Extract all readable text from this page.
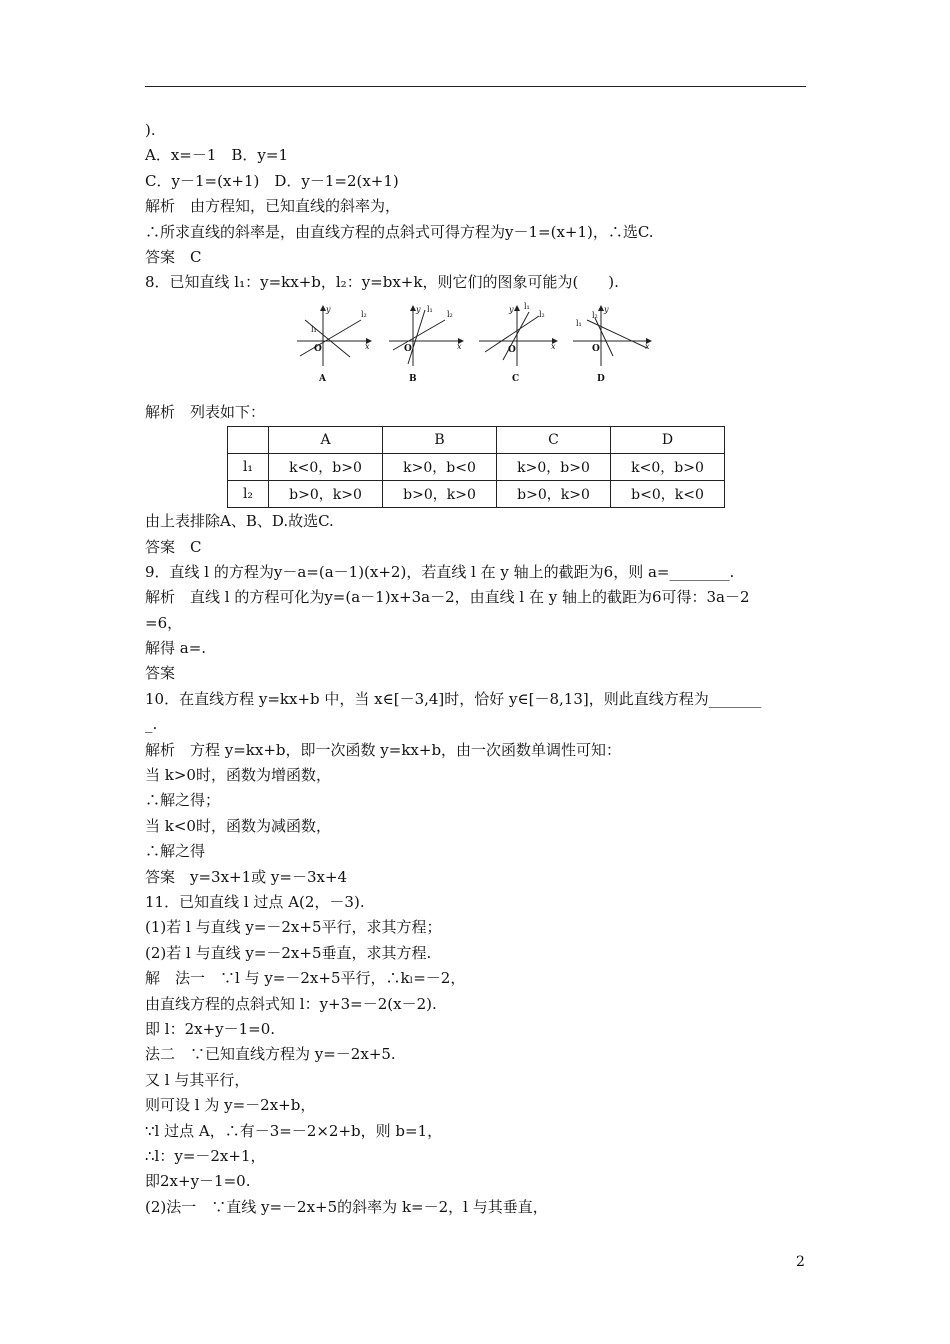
).
A．x=－1　B．y=1
C．y－1=(x+1)　D．y－1=2(x+1)
解析　由方程知，已知直线的斜率为，
∴所求直线的斜率是，由直线方程的点斜式可得方程为y－1=(x+1)，∴选C.
答案　C
8．已知直线 l₁：y=kx+b，l₂：y=bx+k，则它们的图象可能为(　　).
l₁
l₂
y
x
O
A
l₁
l₂
y
x
O
B
l₁
l₂
y
x
O
C
l₁
l₂
y
x
O
D
解析　列表如下：
	A	B	C	D
l₁	k<0，b>0	k>0，b<0	k>0，b>0	k<0，b>0
l₂	b>0，k>0	b>0，k>0	b>0，k>0	b<0，k<0
由上表排除A、B、D.故选C.
答案　C
9．直线 l 的方程为y－a=(a－1)(x+2)，若直线 l 在 y 轴上的截距为6，则 a=________.
解析　直线 l 的方程可化为y=(a－1)x+3a－2，由直线 l 在 y 轴上的截距为6可得：3a－2
=6，
解得 a=.
答案
10．在直线方程 y=kx+b 中，当 x∈[－3,4]时，恰好 y∈[－8,13]，则此直线方程为_______
_.
解析　方程 y=kx+b，即一次函数 y=kx+b，由一次函数单调性可知：
当 k>0时，函数为增函数，
∴解之得；
当 k<0时，函数为减函数，
∴解之得
答案　y=3x+1或 y=－3x+4
11．已知直线 l 过点 A(2，－3).
(1)若 l 与直线 y=－2x+5平行，求其方程；
(2)若 l 与直线 y=－2x+5垂直，求其方程.
解　法一　∵l 与 y=－2x+5平行，∴kₗ=－2，
由直线方程的点斜式知 l：y+3=－2(x－2).
即 l：2x+y－1=0.
法二　∵已知直线方程为 y=－2x+5.
又 l 与其平行，
则可设 l 为 y=－2x+b，
∵l 过点 A，∴有－3=－2×2+b，则 b=1，
∴l：y=－2x+1，
即2x+y－1=0.
(2)法一　∵直线 y=－2x+5的斜率为 k=－2，l 与其垂直，
2
